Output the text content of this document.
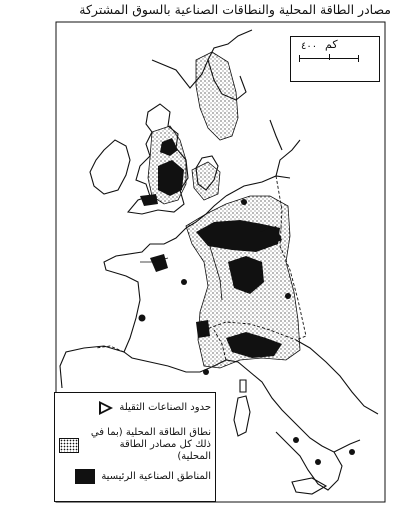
مصادر الطاقة المحلية والنطاقات الصناعية بالسوق المشتركة
٤٠٠ كم
حدود الصناعات الثقيلة
نطاق الطاقة المحلية (بما في ذلك كل مصادر الطاقة المحلية)
المناطق الصناعية الرئيسية
